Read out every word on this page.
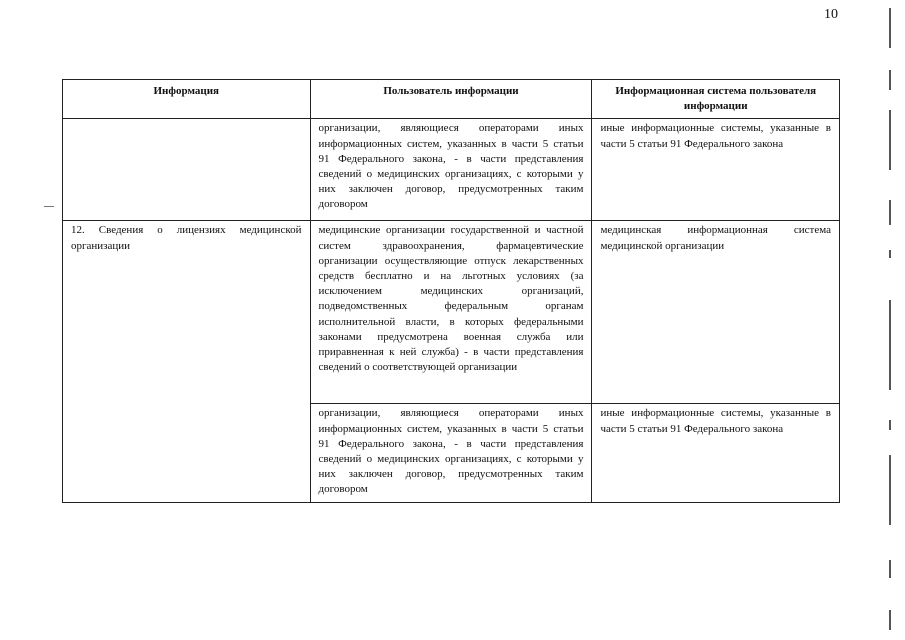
10
Информация	Пользователь информации	Информационная система пользователя информации
	организации, являющиеся операторами иных информационных систем, указанных в части 5 статьи 91 Федерального закона, - в части представления сведений о медицинских организациях, с которыми у них заключен договор, предусмотренных таким договором	иные информационные системы, указанные в части 5 статьи 91 Федерального закона
12. Сведения о лицензиях медицинской организации	медицинские организации государственной и частной систем здравоохранения, фармацевтические организации осуществляющие отпуск лекарственных средств бесплатно и на льготных условиях (за исключением медицинских организаций, подведомственных федеральным органам исполнительной власти, в которых федеральными законами предусмотрена военная служба или приравненная к ней служба) - в части представления сведений о соответствующей организации	медицинская информационная система медицинской организации
	организации, являющиеся операторами иных информационных систем, указанных в части 5 статьи 91 Федерального закона, - в части представления сведений о медицинских организациях, с которыми у них заключен договор, предусмотренных таким договором	иные информационные системы, указанные в части 5 статьи 91 Федерального закона
